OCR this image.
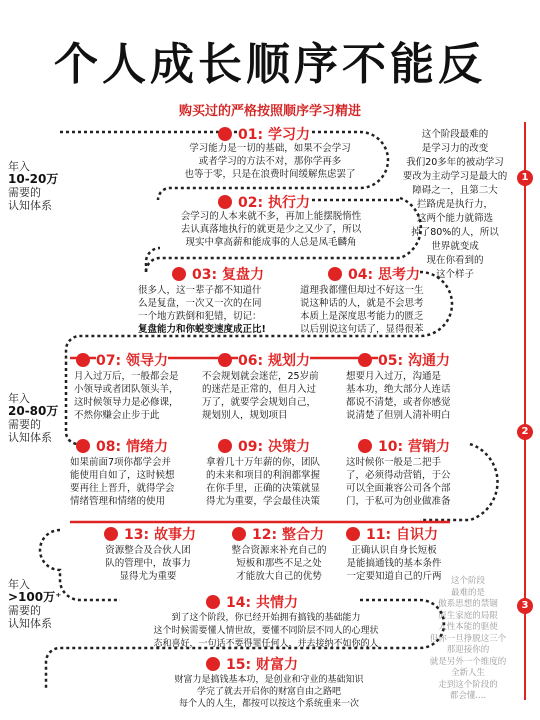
个人成长顺序不能反
购买过的严格按照顺序学习精进
年入
10-20万
需要的
认知体系
年入
20-80万
需要的
认知体系
年入
>100万⁺
需要的
认知体系
1
2
3
这个阶段最难的
是学习力的改变
我们20多年的被动学习
要改为主动学习是最大的
障碍之一，且第二大
拦路虎是执行力，
这两个能力就筛选
掉了80%的人，所以
世界就变成
现在你看到的
这个样子
这个阶段
最难的是
傲系思想的禁锢
原生家庭的局限
人性本能的驱使
但你一旦挣脱这三个
那迎接你的
就是另外一个维度的
全新人生
走到这个阶段的
都会懂....
01: 学习力
学习能力是一切的基础，如果不会学习
或者学习的方法不对，那你学再多
也等于零，只是在浪费时间缓解焦虑罢了
02: 执行力
会学习的人本来就不多，再加上能摆脱惰性
去认真落地执行的就更是少之又少了，所以
现实中拿高薪和能成事的人总是凤毛麟角
03: 复盘力
很多人，这一辈子都不知道什
么是复盘，一次又一次的在同
一个地方跌倒和犯错，切记：
复盘能力和你蜕变速度成正比!
04: 思考力
道理我都懂但却过不好这一生
说这种话的人，就是不会思考
本质上是深度思考能力的匮乏
以后别说这句话了，显得很苯
07: 领导力
月入过万后，一般都会是
小领导或者团队领头羊，
这时候领导力是必修课，
不然你赚会止步于此
06: 规划力
不会规划就会迷茫，25岁前
的迷茫是正常的，但月入过
万了，就要学会规划自己，
规划别人，规划项目
05: 沟通力
想要月入过万，沟通是
基本功，绝大部分人连话
都说不清楚，或者你感觉
说清楚了但别人清补明白
08: 情绪力
如果前面7项你都学会并
能使用自如了，这时候想
要再往上晋升，就得学会
情绪管理和情绪的使用
09: 决策力
拿着几十万年薪的你，团队
的未来和项目的利润都掌握
在你手里，正确的决策就显
得尤为重要，学会最佳决策
10: 营销力
这时候你一般是二把手
了，必须得动营销，于公
可以全面兼容公司各个部
门，于私可为创业做准备
13: 故事力
资源整合及合伙人团
队的管理中，故事力
显得尤为重要
12: 整合力
整合资源来补充自己的
短板和那些不足之处
才能放大自己的优势
11: 自识力
正确认识自身长短板
是能搞通钱的基本条件
一定要知道自己的斤两
14: 共情力
到了这个阶段，你已经开始拥有搞钱的基础能力
这个时候需要懂人情世故，要懂不同阶层不同人的心理状
态和喜好，一句话不要得罪任何人，并去接纳不如你的人
15: 财富力
财富力是搞钱基本功，是创业和守业的基础知识
学完了就去开启你的财富自由之路吧
每个人的人生，都按可以按这个系统重来一次
